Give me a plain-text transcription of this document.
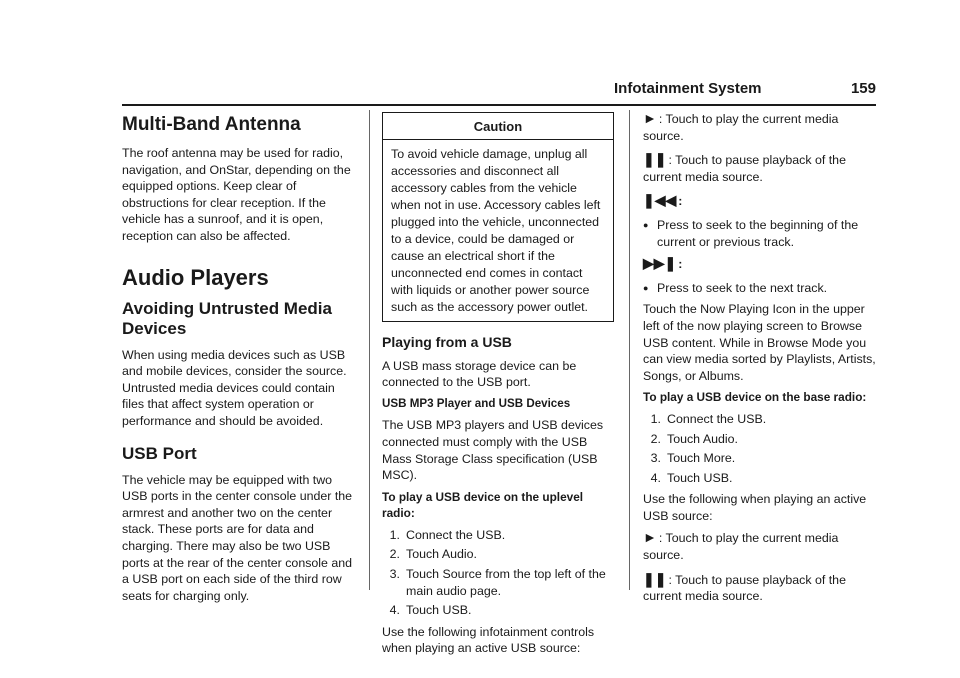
Infotainment System	159
Multi-Band Antenna

The roof antenna may be used for radio, navigation, and OnStar, depending on the equipped options. Keep clear of obstructions for clear reception. If the vehicle has a sunroof, and it is open, reception can also be affected.

Audio Players
Avoiding Untrusted Media Devices

When using media devices such as USB and mobile devices, consider the source. Untrusted media devices could contain files that affect system operation or performance and should be avoided.

USB Port

The vehicle may be equipped with two USB ports in the center console under the armrest and another two on the center stack. These ports are for data and charging. There may also be two USB ports at the rear of the center console and a USB port on each side of the third row seats for charging only.

Caution
To avoid vehicle damage, unplug all accessories and disconnect all accessory cables from the vehicle when not in use. Accessory cables left plugged into the vehicle, unconnected to a device, could be damaged or cause an electrical short if the unconnected end comes in contact with liquids or another power source such as the accessory power outlet.
Playing from a USB

A USB mass storage device can be connected to the USB port.

USB MP3 Player and USB Devices

The USB MP3 players and USB devices connected must comply with the USB Mass Storage Class specification (USB MSC).

To play a USB device on the uplevel radio:

1. Connect the USB.
2. Touch Audio.
3. Touch Source from the top left of the main audio page.
4. Touch USB.

Use the following infotainment controls when playing an active USB source:

► : Touch to play the current media source.

❚❚ : Touch to pause playback of the current media source.

❚◀◀ :

● Press to seek to the beginning of the current or previous track.

▶▶❚ :

● Press to seek to the next track.

Touch the Now Playing Icon in the upper left of the now playing screen to Browse USB content. While in Browse Mode you can view media sorted by Playlists, Artists, Songs, or Albums.

To play a USB device on the base radio:

1. Connect the USB.
2. Touch Audio.
3. Touch More.
4. Touch USB.

Use the following when playing an active USB source:

► : Touch to play the current media source.

❚❚ : Touch to pause playback of the current media source.
